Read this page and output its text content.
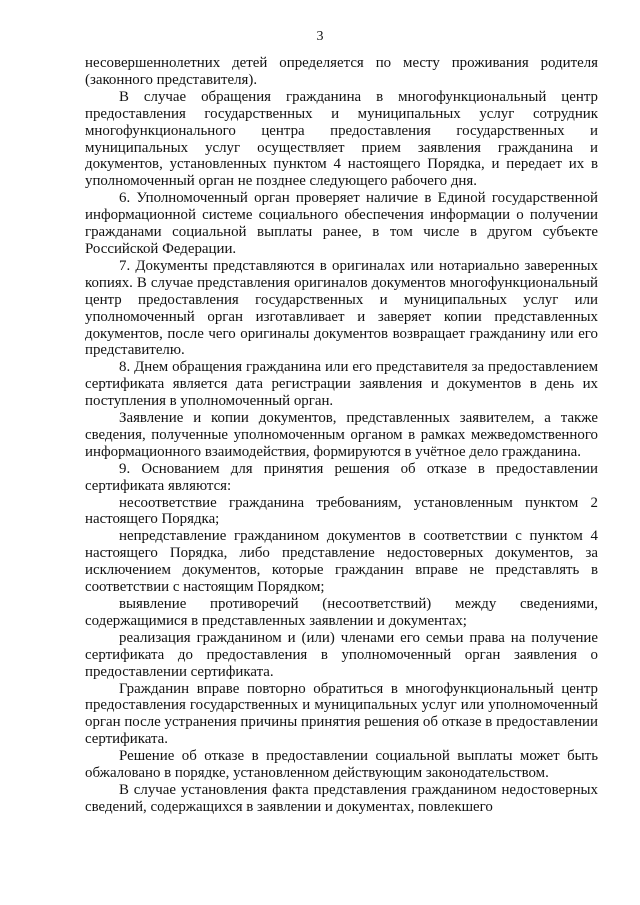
3

несовершеннолетних детей определяется по месту проживания родителя (законного представителя).

В случае обращения гражданина в многофункциональный центр предоставления государственных и муниципальных услуг сотрудник многофункционального центра предоставления государственных и муниципальных услуг осуществляет прием заявления гражданина и документов, установленных пунктом 4 настоящего Порядка, и передает их в уполномоченный орган не позднее следующего рабочего дня.

6. Уполномоченный орган проверяет наличие в Единой государственной информационной системе социального обеспечения информации о получении гражданами социальной выплаты ранее, в том числе в другом субъекте Российской Федерации.

7. Документы представляются в оригиналах или нотариально заверенных копиях. В случае представления оригиналов документов многофункциональный центр предоставления государственных и муниципальных услуг или уполномоченный орган изготавливает и заверяет копии представленных документов, после чего оригиналы документов возвращает гражданину или его представителю.

8. Днем обращения гражданина или его представителя за предоставлением сертификата является дата регистрации заявления и документов в день их поступления в уполномоченный орган.

Заявление и копии документов, представленных заявителем, а также сведения, полученные уполномоченным органом в рамках межведомственного информационного взаимодействия, формируются в учётное дело гражданина.

9. Основанием для принятия решения об отказе в предоставлении сертификата являются:

несоответствие гражданина требованиям, установленным пунктом 2 настоящего Порядка;

непредставление гражданином документов в соответствии с пунктом 4 настоящего Порядка, либо представление недостоверных документов, за исключением документов, которые гражданин вправе не представлять в соответствии с настоящим Порядком;

выявление противоречий (несоответствий) между сведениями, содержащимися в представленных заявлении и документах;

реализация гражданином и (или) членами его семьи права на получение сертификата до предоставления в уполномоченный орган заявления о предоставлении сертификата.

Гражданин вправе повторно обратиться в многофункциональный центр предоставления государственных и муниципальных услуг или уполномоченный орган после устранения причины принятия решения об отказе в предоставлении сертификата.

Решение об отказе в предоставлении социальной выплаты может быть обжаловано в порядке, установленном действующим законодательством.

В случае установления факта представления гражданином недостоверных сведений, содержащихся в заявлении и документах, повлекшего
